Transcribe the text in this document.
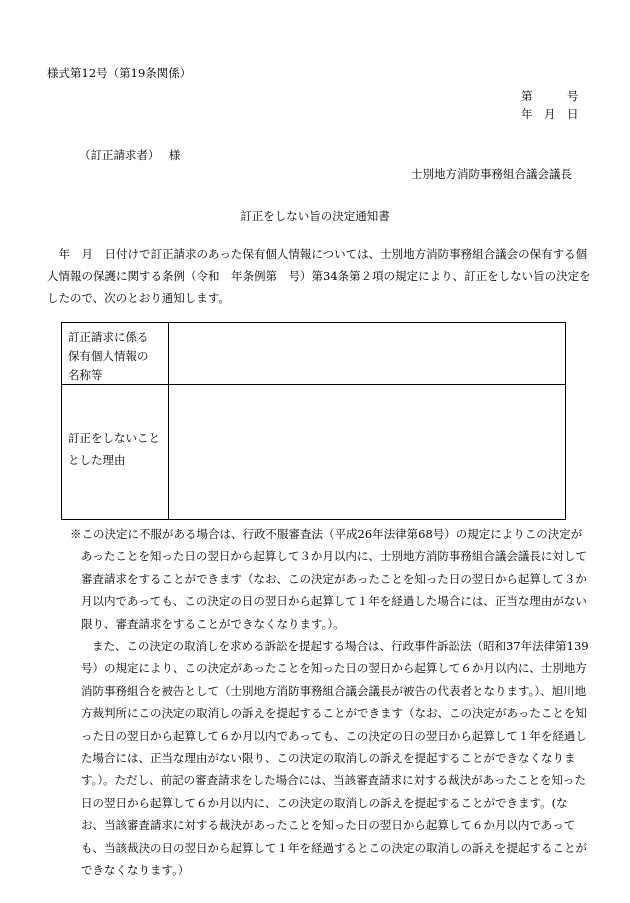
様式第12号（第19条関係）
第　　　号
年　月　日
（訂正請求者）　 様
士別地方消防事務組合議会議長
訂正をしない旨の決定通知書

　年　月　日付けで訂正請求のあった保有個人情報については、士別地方消防事務組合議会の保有する個人情報の保護に関する条例（令和　年条例第　号）第34条第２項の規定により、訂正をしない旨の決定をしたので、次のとおり通知します。

訂正請求に係る
保有個人情報の
名称等
訂正をしないこと
とした理由

※この決定に不服がある場合は、行政不服審査法（平成26年法律第68号）の規定によりこの決定があったことを知った日の翌日から起算して３か月以内に、士別地方消防事務組合議会議長に対して審査請求をすることができます（なお、この決定があったことを知った日の翌日から起算して３か月以内であっても、この決定の日の翌日から起算して１年を経過した場合には、正当な理由がない限り、審査請求をすることができなくなります。）。

また、この決定の取消しを求める訴訟を提起する場合は、行政事件訴訟法（昭和37年法律第139号）の規定により、この決定があったことを知った日の翌日から起算して６か月以内に、士別地方消防事務組合を被告として（士別地方消防事務組合議会議長が被告の代表者となります。）、旭川地方裁判所にこの決定の取消しの訴えを提起することができます（なお、この決定があったことを知った日の翌日から起算して６か月以内であっても、この決定の日の翌日から起算して１年を経過した場合には、正当な理由がない限り、この決定の取消しの訴えを提起することができなくなります。）。ただし、前記の審査請求をした場合には、当該審査請求に対する裁決があったことを知った日の翌日から起算して６か月以内に、この決定の取消しの訴えを提起することができます。(なお、当該審査請求に対する裁決があったことを知った日の翌日から起算して６か月以内であっても、当該裁決の日の翌日から起算して１年を経過するとこの決定の取消しの訴えを提起することができなくなります。）
